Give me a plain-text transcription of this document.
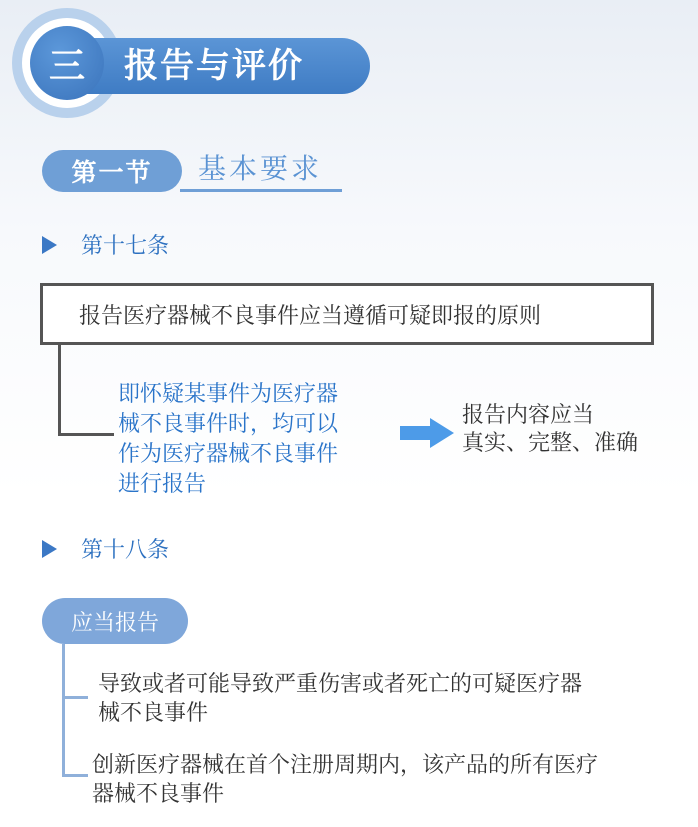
三	报告与评价
第一节	基本要求
第十七条
报告医疗器械不良事件应当遵循可疑即报的原则
即怀疑某事件为医疗器
械不良事件时，均可以
作为医疗器械不良事件
进行报告
报告内容应当
真实、完整、准确
第十八条
应当报告
导致或者可能导致严重伤害或者死亡的可疑医疗器
械不良事件
创新医疗器械在首个注册周期内，该产品的所有医疗
器械不良事件
